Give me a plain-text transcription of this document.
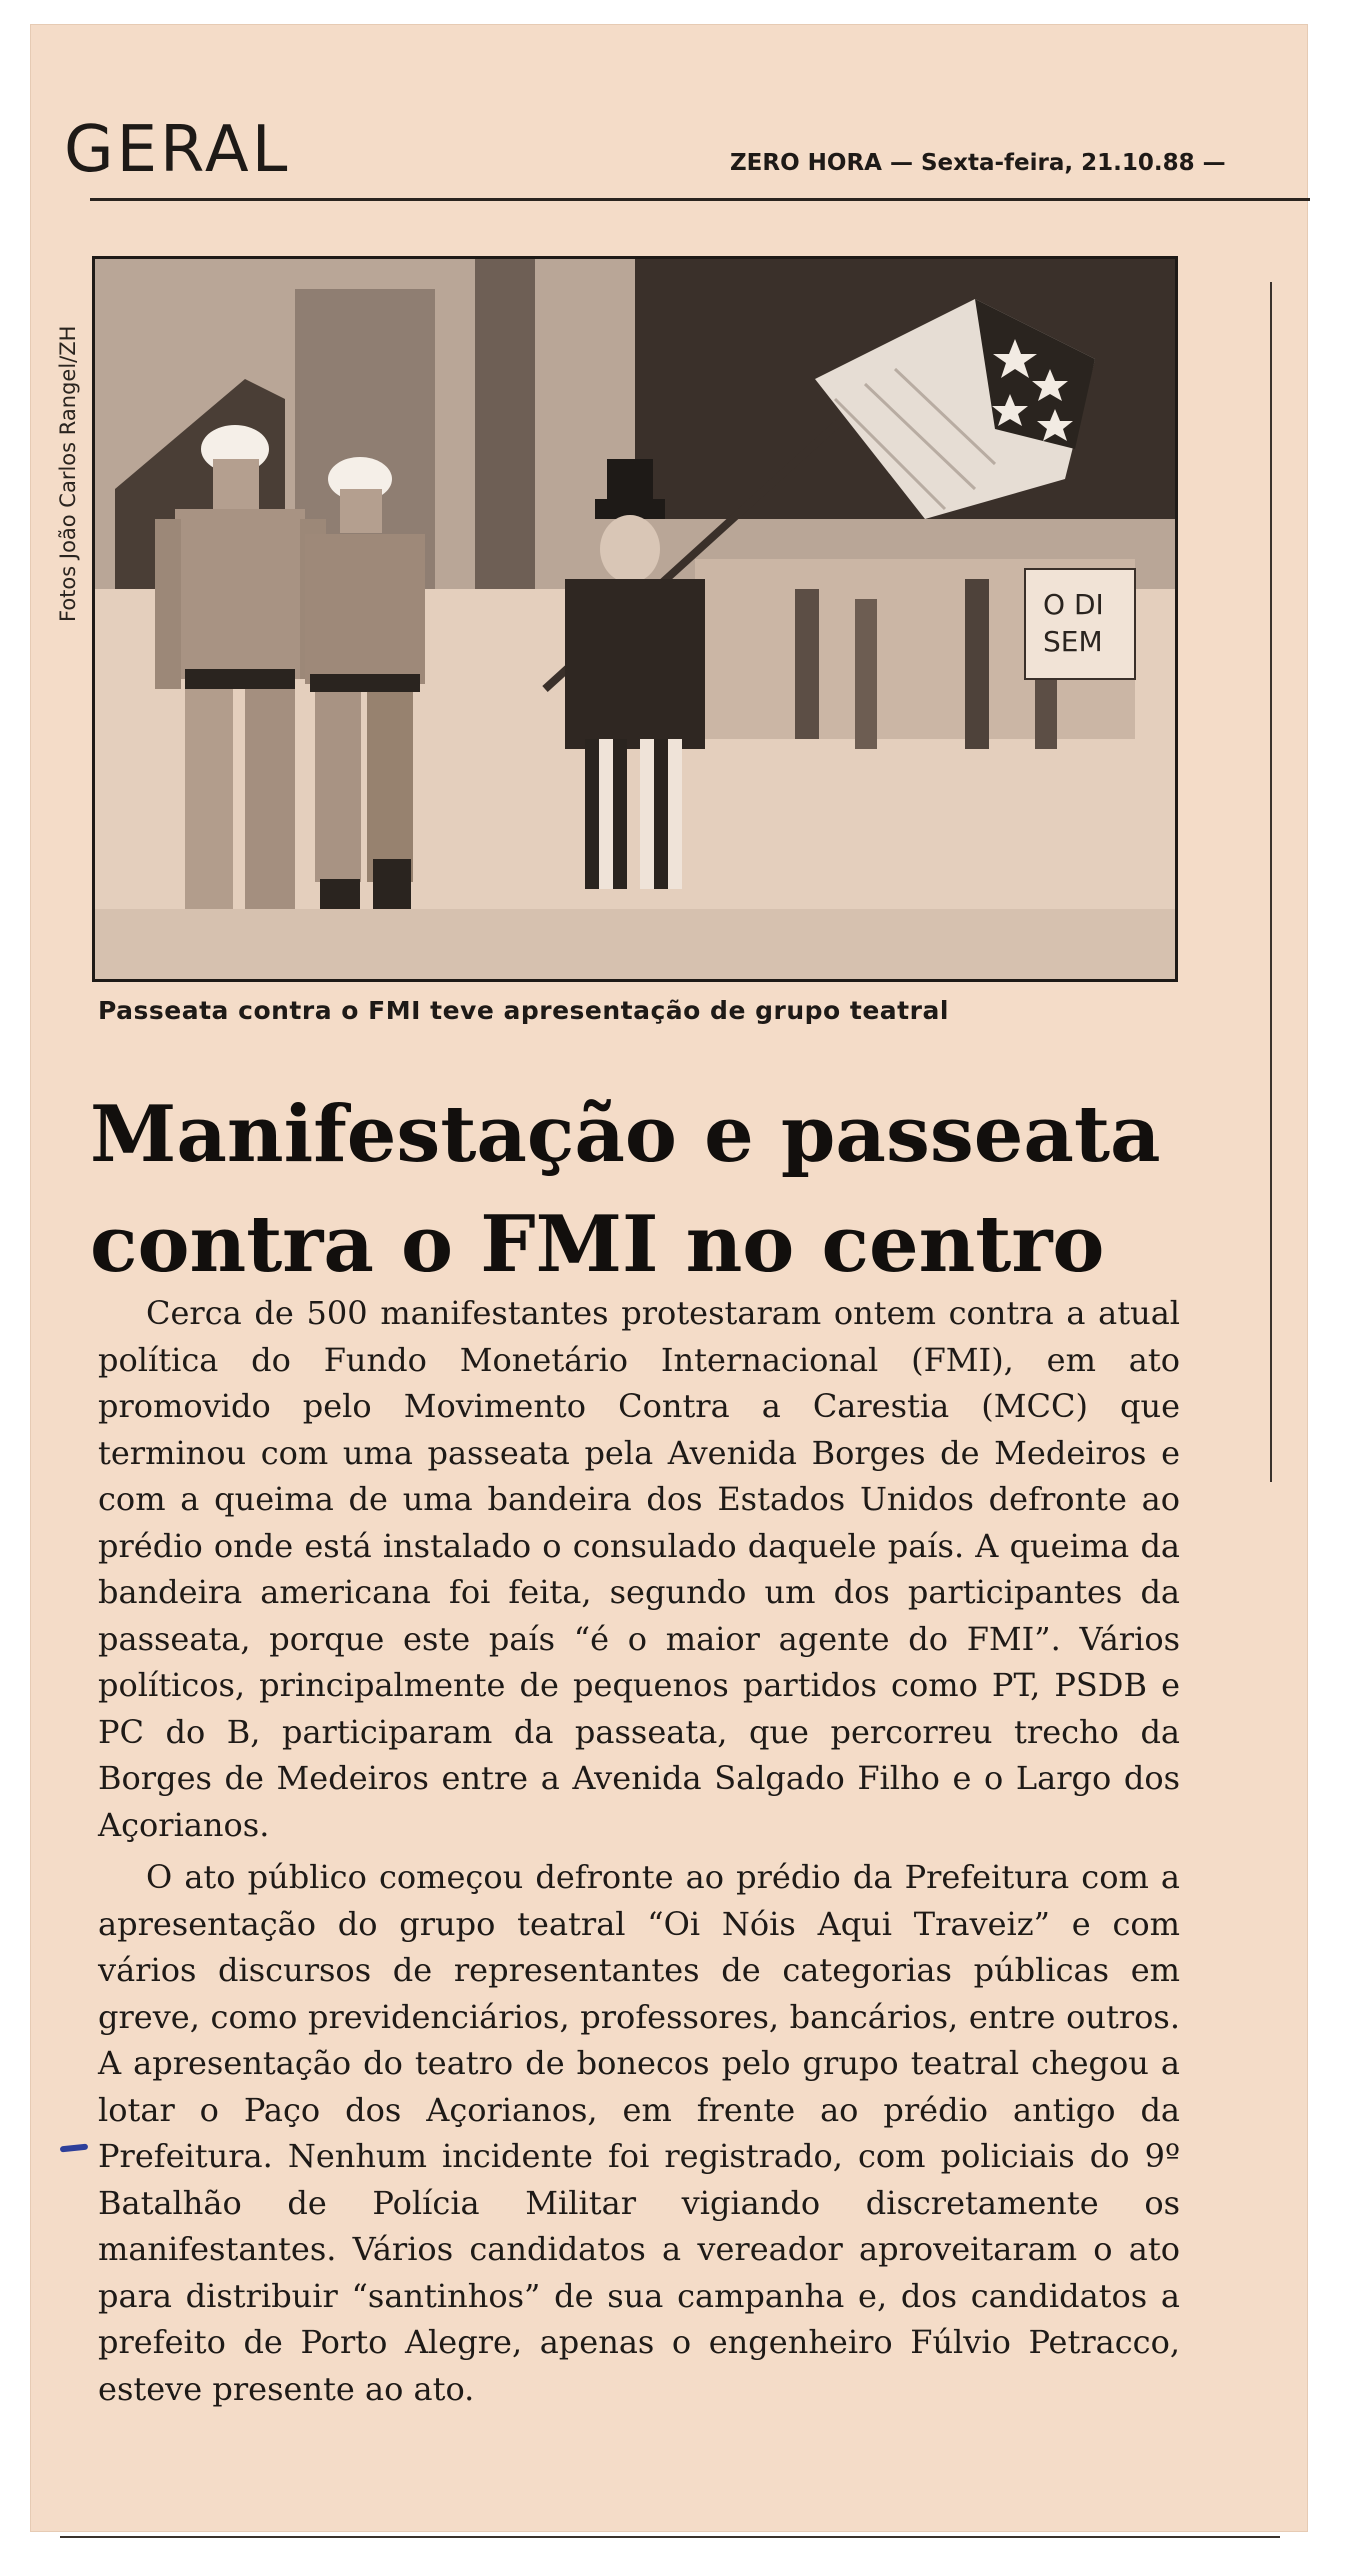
GERAL	ZERO HORA — Sexta-feira, 21.10.88 —
Fotos João Carlos Rangel/ZH	O DI
SEM
Passeata contra o FMI teve apresentação de grupo teatral
Manifestação e passeata
contra o FMI no centro

Cerca de 500 manifestantes protestaram ontem contra a atual política do Fundo Monetário Internacional (FMI), em ato promovido pelo Movimento Contra a Carestia (MCC) que terminou com uma passeata pela Avenida Borges de Medeiros e com a queima de uma bandeira dos Estados Unidos defronte ao prédio onde está instalado o consulado daquele país. A queima da bandeira americana foi feita, segundo um dos participantes da passeata, porque este país “é o maior agente do FMI”. Vários políticos, principalmente de pequenos partidos como PT, PSDB e PC do B, participaram da passeata, que percorreu trecho da Borges de Medeiros entre a Avenida Salgado Filho e o Largo dos Açorianos.

O ato público começou defronte ao prédio da Prefeitura com a apresentação do grupo teatral “Oi Nóis Aqui Traveiz” e com vários discursos de representantes de categorias públicas em greve, como previdenciários, professores, bancários, entre outros. A apresentação do teatro de bonecos pelo grupo teatral chegou a lotar o Paço dos Açorianos, em frente ao prédio antigo da Prefeitura. Nenhum incidente foi registrado, com policiais do 9º Batalhão de Polícia Militar vigiando discretamente os manifestantes. Vários candidatos a vereador aproveitaram o ato para distribuir “santinhos” de sua campanha e, dos candidatos a prefeito de Porto Alegre, apenas o engenheiro Fúlvio Petracco, esteve presente ao ato.
